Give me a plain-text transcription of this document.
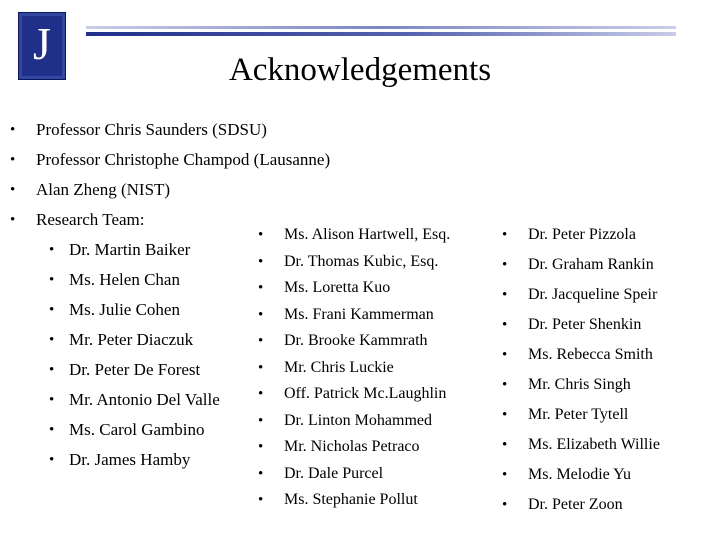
J
Acknowledgements
• Professor Chris Saunders (SDSU)
• Professor Christophe Champod (Lausanne)
• Alan Zheng (NIST)
• Research Team:
• Dr. Martin Baiker
• Ms. Helen Chan
• Ms. Julie Cohen
• Mr. Peter Diaczuk
• Dr. Peter De Forest
• Mr. Antonio Del Valle
• Ms. Carol Gambino
• Dr. James Hamby
• Ms. Alison Hartwell, Esq.
• Dr. Thomas Kubic, Esq.
• Ms. Loretta Kuo
• Ms. Frani Kammerman
• Dr. Brooke Kammrath
• Mr. Chris Luckie
• Off. Patrick Mc.Laughlin
• Dr. Linton Mohammed
• Mr. Nicholas Petraco
• Dr. Dale Purcel
• Ms. Stephanie Pollut
• Dr. Peter Pizzola
• Dr. Graham Rankin
• Dr. Jacqueline Speir
• Dr. Peter Shenkin
• Ms. Rebecca Smith
• Mr. Chris Singh
• Mr. Peter Tytell
• Ms. Elizabeth Willie
• Ms. Melodie Yu
• Dr. Peter Zoon
